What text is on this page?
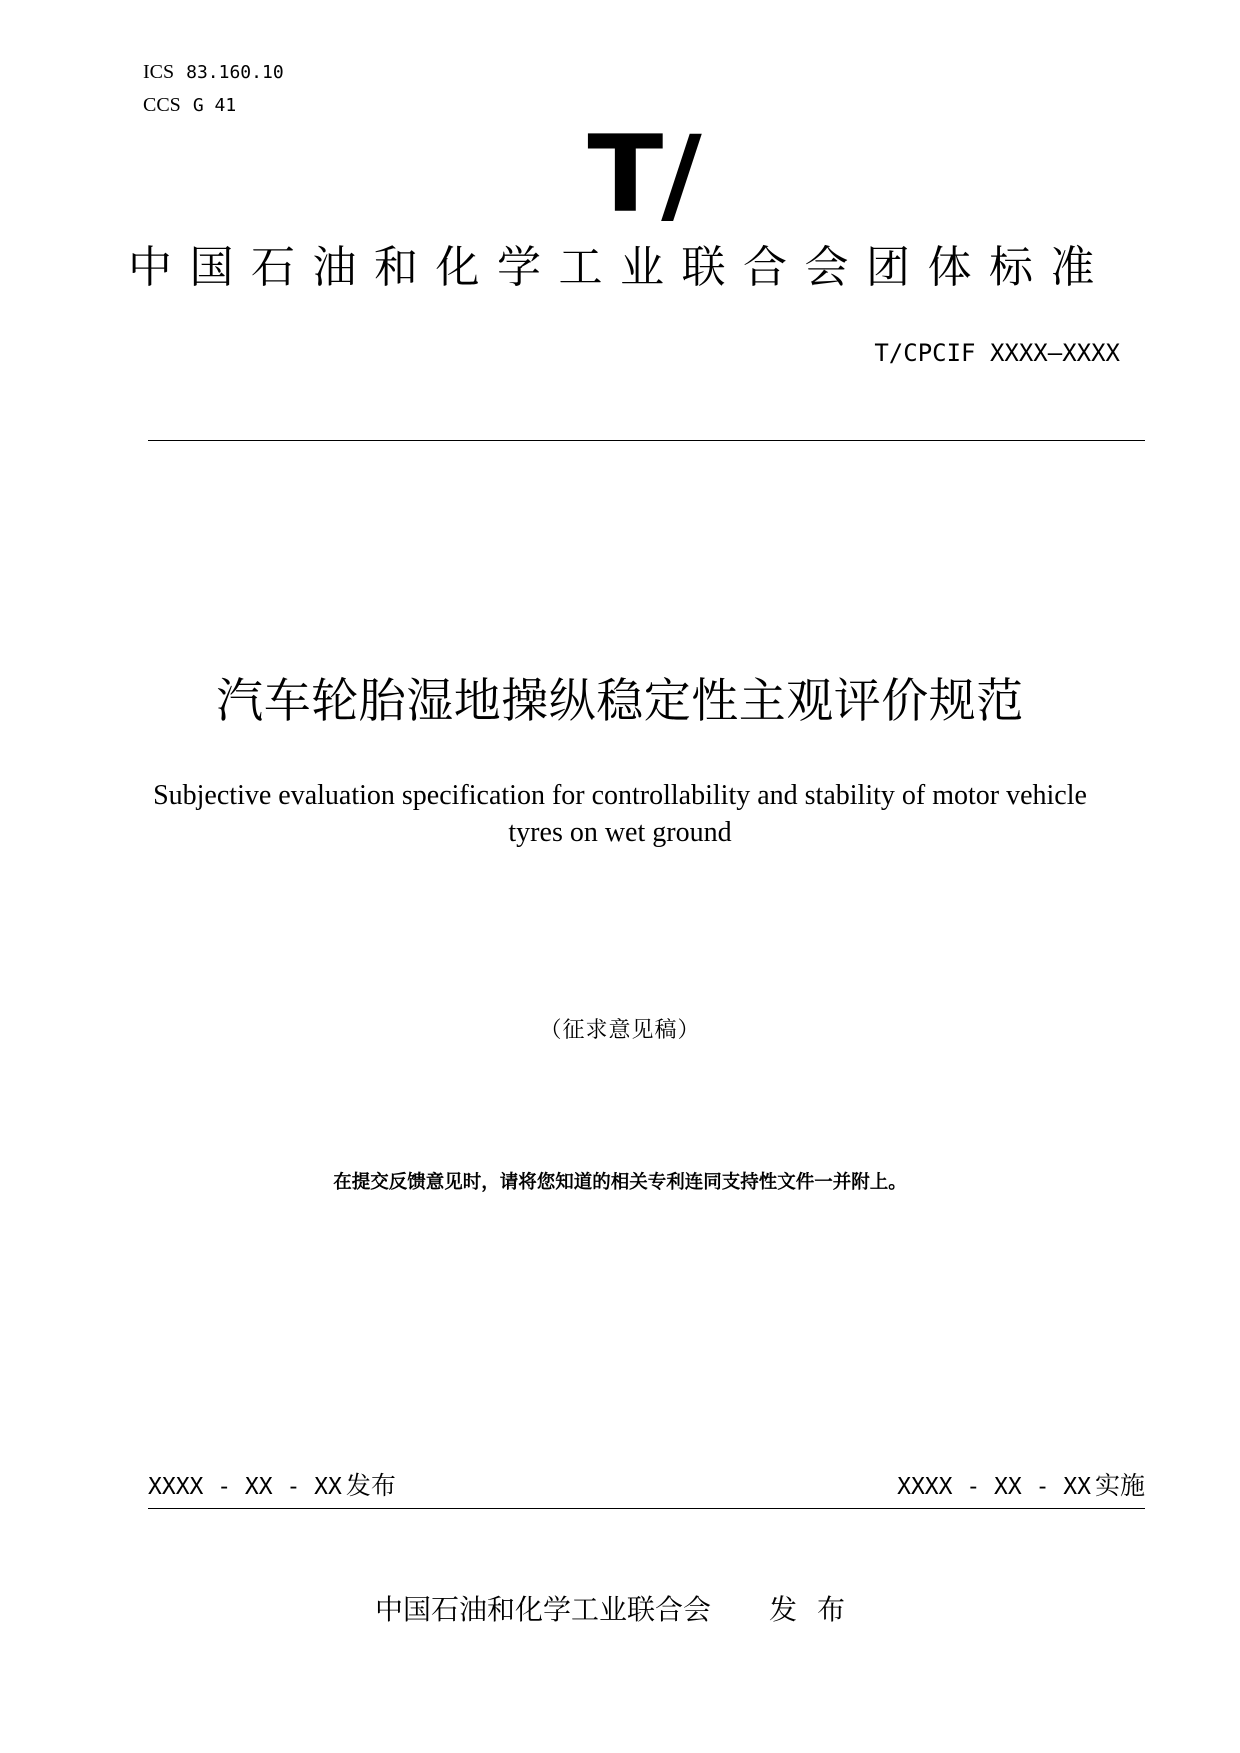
ICS 83.160.10
CCS G 41
T/
中国石油和化学工业联合会团体标准
T/CPCIF XXXX—XXXX
汽车轮胎湿地操纵稳定性主观评价规范
Subjective evaluation specification for controllability and stability of motor vehicle tyres on wet ground
（征求意见稿）
在提交反馈意见时，请将您知道的相关专利连同支持性文件一并附上。
XXXX - XX - XX 发布	XXXX - XX - XX 实施
中国石油和化学工业联合会 发布
